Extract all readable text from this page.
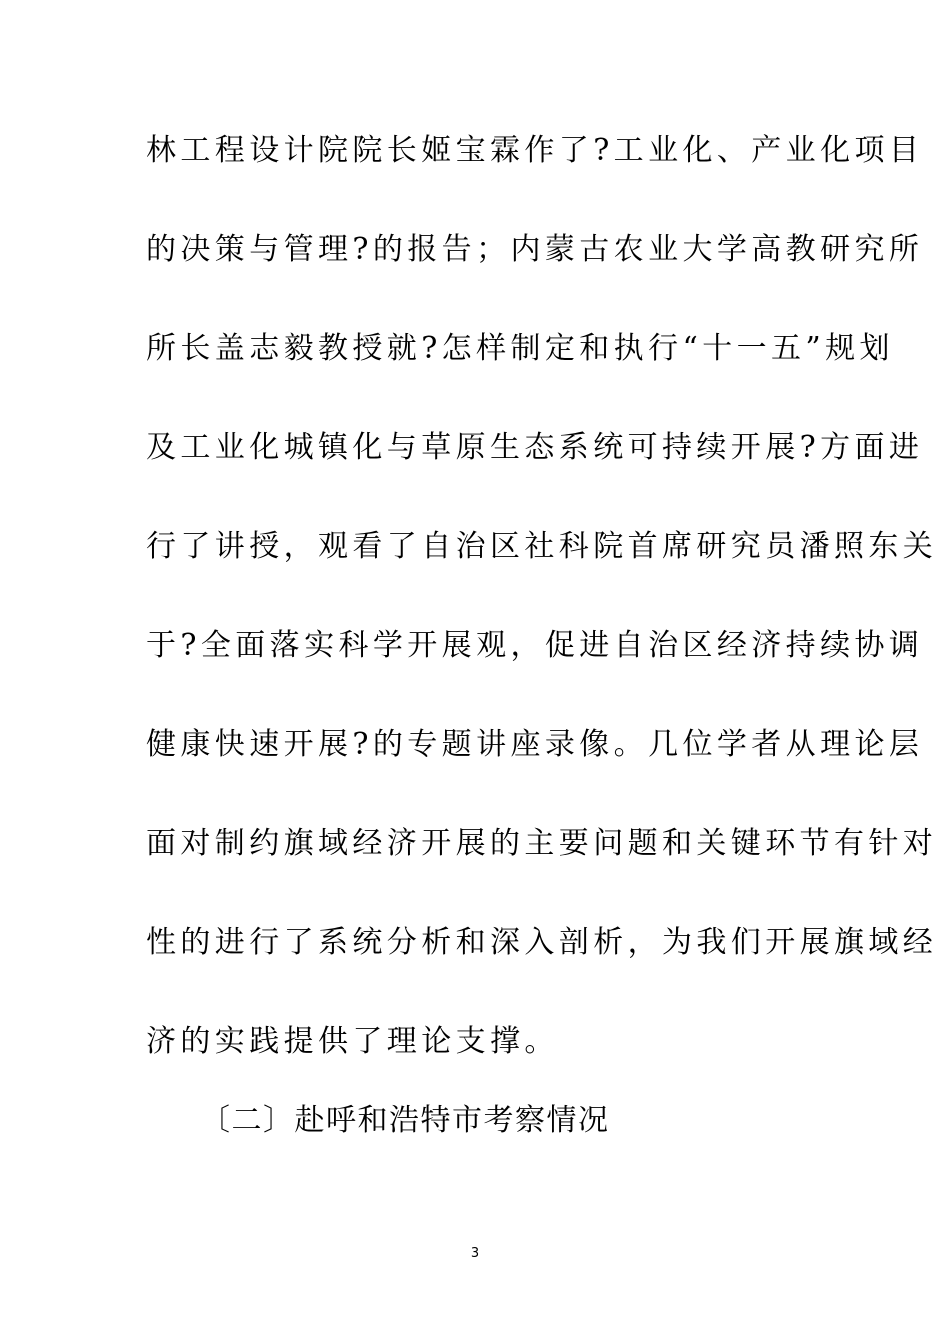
林工程设计院院长姬宝霖作了?工业化、产业化项目
的决策与管理?的报告；内蒙古农业大学高教研究所
所长盖志毅教授就?怎样制定和执行“十一五”规划
及工业化城镇化与草原生态系统可持续开展?方面进
行了讲授，观看了自治区社科院首席研究员潘照东关
于?全面落实科学开展观，促进自治区经济持续协调
健康快速开展?的专题讲座录像。几位学者从理论层
面对制约旗域经济开展的主要问题和关键环节有针对
性的进行了系统分析和深入剖析，为我们开展旗域经
济的实践提供了理论支撑。
〔二〕赴呼和浩特市考察情况
3
